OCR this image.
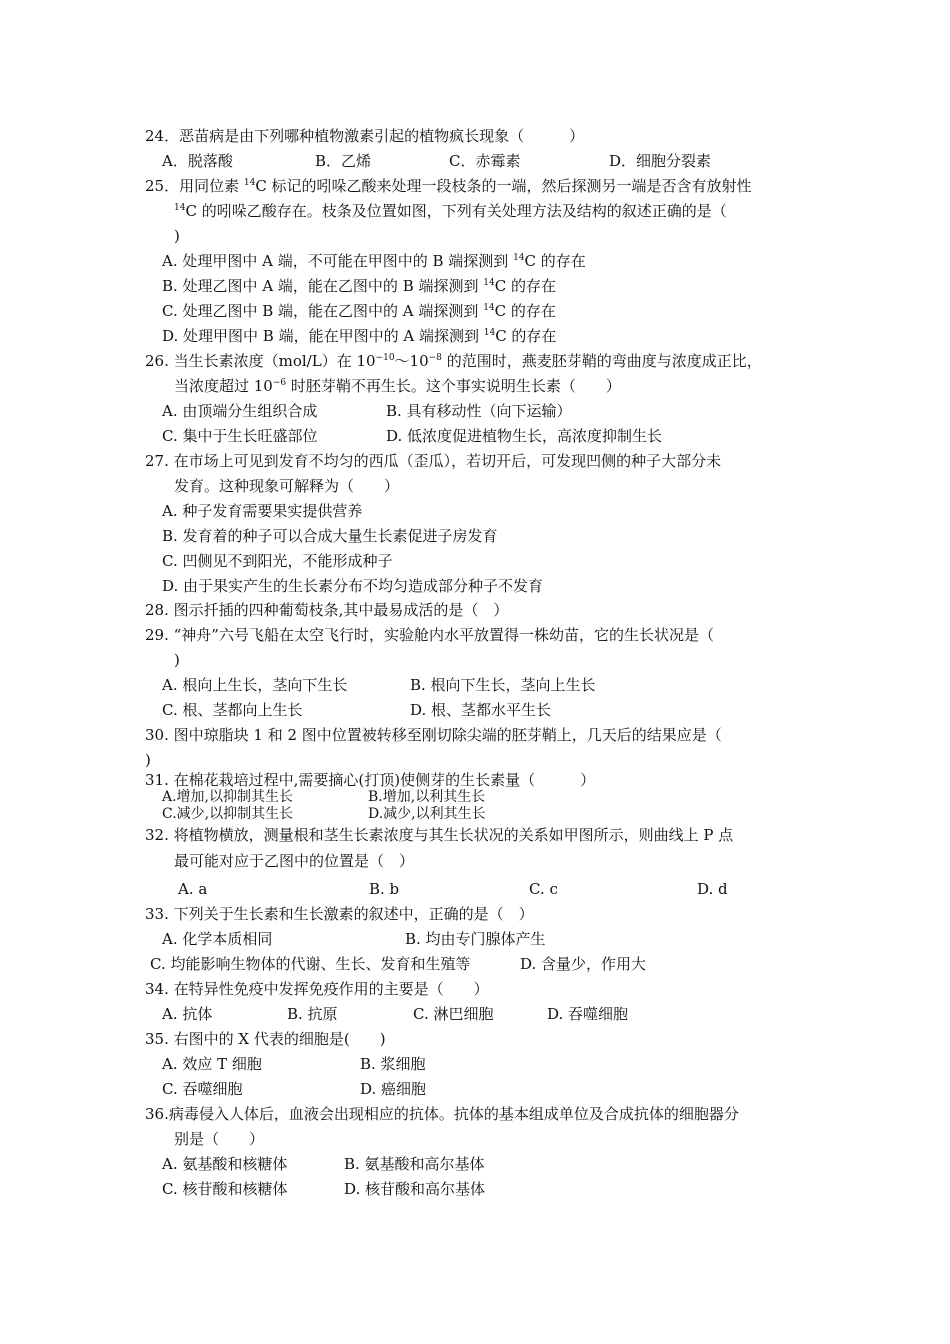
24．恶苗病是由下列哪种植物激素引起的植物疯长现象（　　　）
A．脱落酸	B．乙烯	C．赤霉素	D．细胞分裂素
25．用同位素 $^{14}$C 标记的吲哚乙酸来处理一段枝条的一端，然后探测另一端是否含有放射性
$^{14}$C 的吲哚乙酸存在。枝条及位置如图，下列有关处理方法及结构的叙述正确的是（
)
A. 处理甲图中 A 端，不可能在甲图中的 B 端探测到 $^{14}$C 的存在
B. 处理乙图中 A 端，能在乙图中的 B 端探测到 $^{14}$C 的存在
C. 处理乙图中 B 端，能在乙图中的 A 端探测到 $^{14}$C 的存在
D. 处理甲图中 B 端，能在甲图中的 A 端探测到 $^{14}$C 的存在
26. 当生长素浓度（mol/L）在 $10^{-10}\sim 10^{-8}$ 的范围时，燕麦胚芽鞘的弯曲度与浓度成正比，
当浓度超过 $10^{-6}$ 时胚芽鞘不再生长。这个事实说明生长素（　　）
A. 由顶端分生组织合成	B. 具有移动性（向下运输）
C. 集中于生长旺盛部位	D. 低浓度促进植物生长，高浓度抑制生长
27. 在市场上可见到发育不均匀的西瓜（歪瓜），若切开后，可发现凹侧的种子大部分未
发育。这种现象可解释为（　　）
A. 种子发育需要果实提供营养
B. 发育着的种子可以合成大量生长素促进子房发育
C. 凹侧见不到阳光，不能形成种子
D. 由于果实产生的生长素分布不均匀造成部分种子不发育
28. 图示扦插的四种葡萄枝条,其中最易成活的是（　）
29. “神舟”六号飞船在太空飞行时，实验舱内水平放置得一株幼苗，它的生长状况是（
)
A. 根向上生长，茎向下生长	B. 根向下生长，茎向上生长
C. 根、茎都向上生长	D. 根、茎都水平生长
30. 图中琼脂块 1 和 2 图中位置被转移至刚切除尖端的胚芽鞘上，几天后的结果应是（
)
31. 在棉花栽培过程中,需要摘心(打顶)使侧芽的生长素量（　　　）
A.增加,以抑制其生长	B.增加,以利其生长
C.减少,以抑制其生长	D.减少,以利其生长
32. 将植物横放，测量根和茎生长素浓度与其生长状况的关系如甲图所示，则曲线上 P 点
最可能对应于乙图中的位置是（　）
A. a	B. b	C. c	D. d
33. 下列关于生长素和生长激素的叙述中，正确的是（　）
A. 化学本质相同	B. 均由专门腺体产生
C. 均能影响生物体的代谢、生长、发育和生殖等	D. 含量少，作用大
34. 在特异性免疫中发挥免疫作用的主要是（　　）
A. 抗体	B. 抗原	C. 淋巴细胞	D. 吞噬细胞
35. 右图中的 X 代表的细胞是(　　)
A. 效应 T 细胞	B. 浆细胞
C. 吞噬细胞	D. 癌细胞
36.病毒侵入人体后，血液会出现相应的抗体。抗体的基本组成单位及合成抗体的细胞器分
别是（　　）
A. 氨基酸和核糖体	B. 氨基酸和高尔基体
C. 核苷酸和核糖体	D. 核苷酸和高尔基体
